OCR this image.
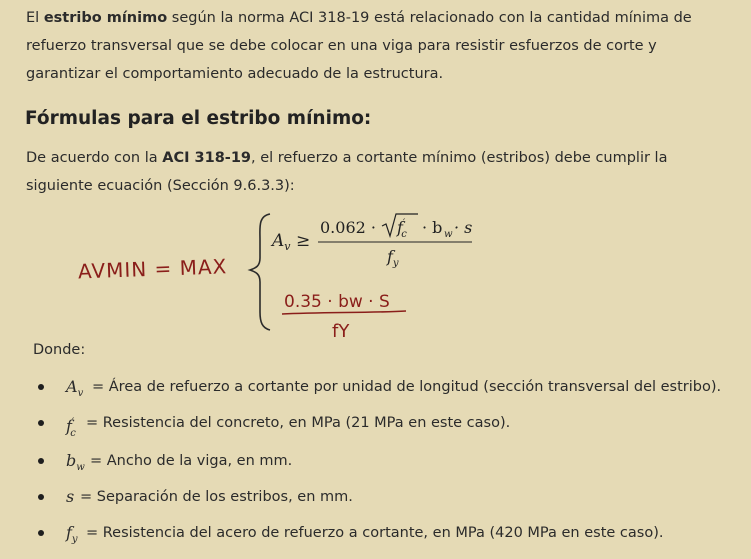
El estribo mínimo según la norma ACI 318-19 está relacionado con la cantidad mínima de refuerzo transversal que se debe colocar en una viga para resistir esfuerzos de corte y garantizar el comportamiento adecuado de la estructura.
Fórmulas para el estribo mínimo:
De acuerdo con la ACI 318-19, el refuerzo a cortante mínimo (estribos) debe cumplir la siguiente ecuación (Sección 9.6.3.3):
AVMIN = MAX
$A_v$ ≥
0.062 · f′ c · b w · s
$f_y$
0.35 · bw · S
fY
Donde:
$A_v$ = Área de refuerzo a cortante por unidad de longitud (sección transversal del estribo).
$f'_c$
= Resistencia del concreto, en MPa (21 MPa en este caso).
$b_w$ = Ancho de la viga, en mm.
s = Separación de los estribos, en mm.
$f_y$ = Resistencia del acero de refuerzo a cortante, en MPa (420 MPa en este caso).
